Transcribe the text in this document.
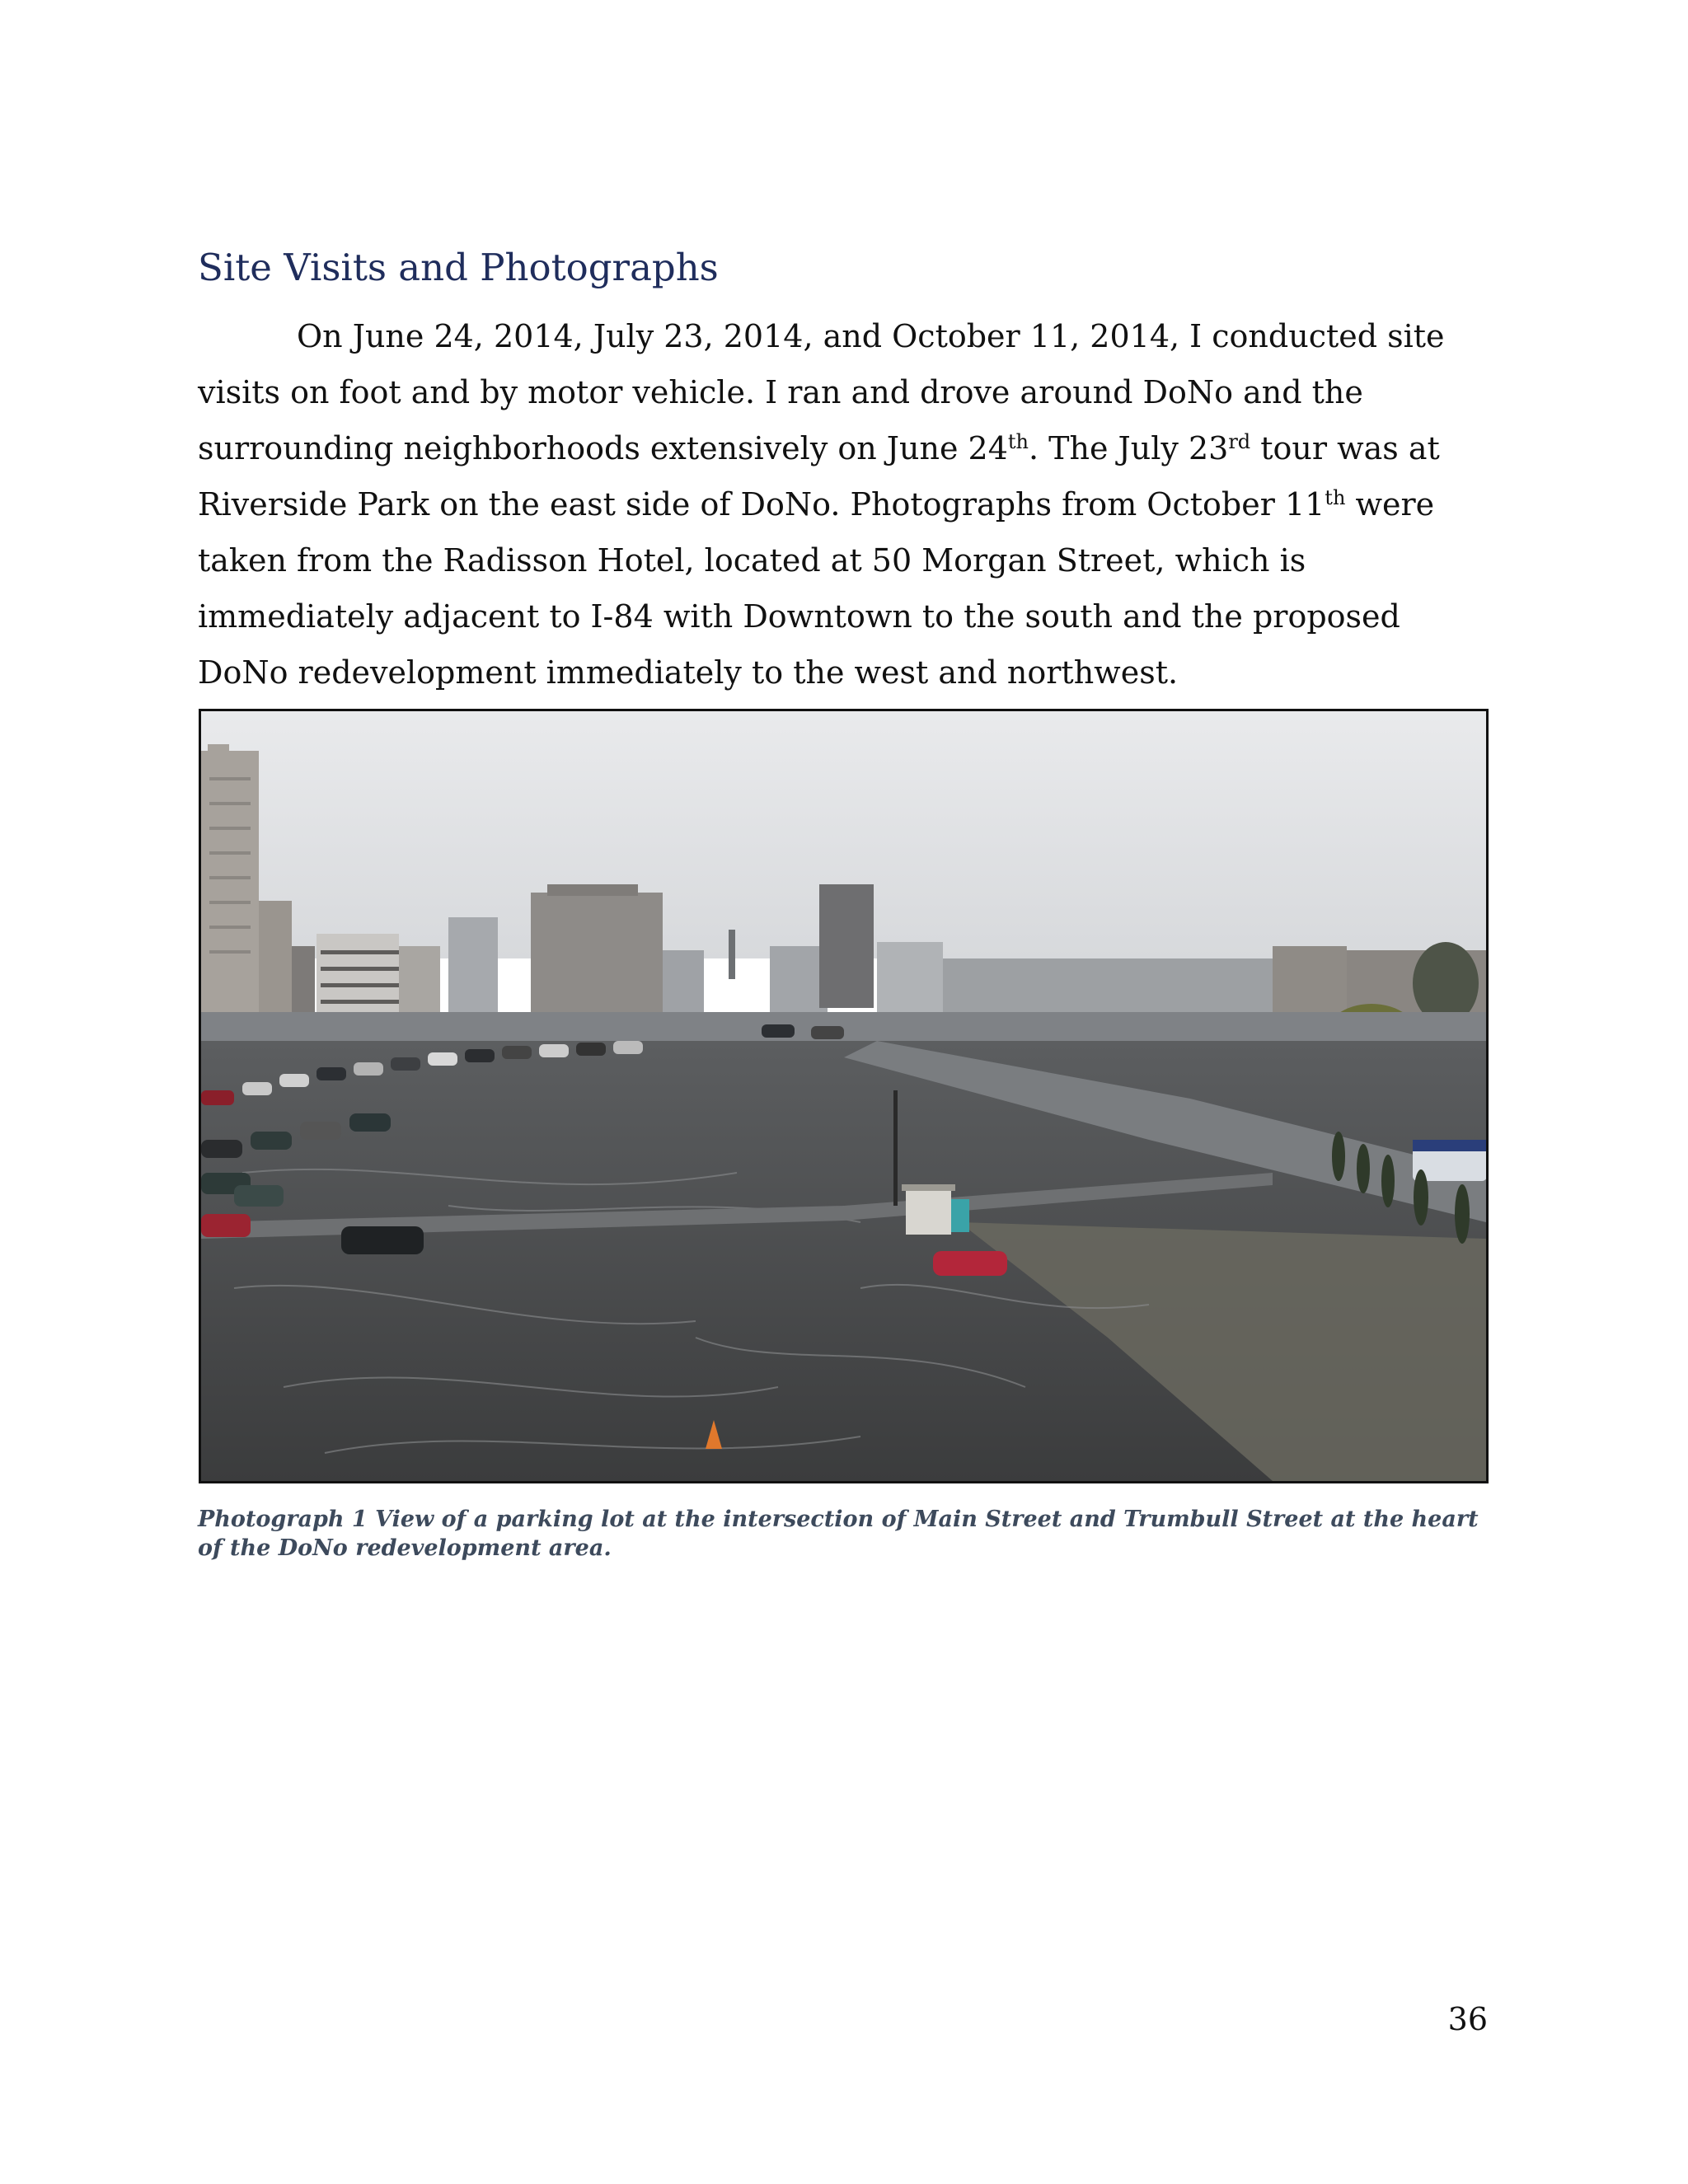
Site Visits and Photographs

On June 24, 2014, July 23, 2014, and October 11, 2014, I conducted site visits on foot and by motor vehicle. I ran and drove around DoNo and the surrounding neighborhoods extensively on June 24th. The July 23rd tour was at Riverside Park on the east side of DoNo. Photographs from October 11th were taken from the Radisson Hotel, located at 50 Morgan Street, which is immediately adjacent to I-84 with Downtown to the south and the proposed DoNo redevelopment immediately to the west and northwest.

Photograph 1 View of a parking lot at the intersection of Main Street and Trumbull Street at the heart of the DoNo redevelopment area.

36
